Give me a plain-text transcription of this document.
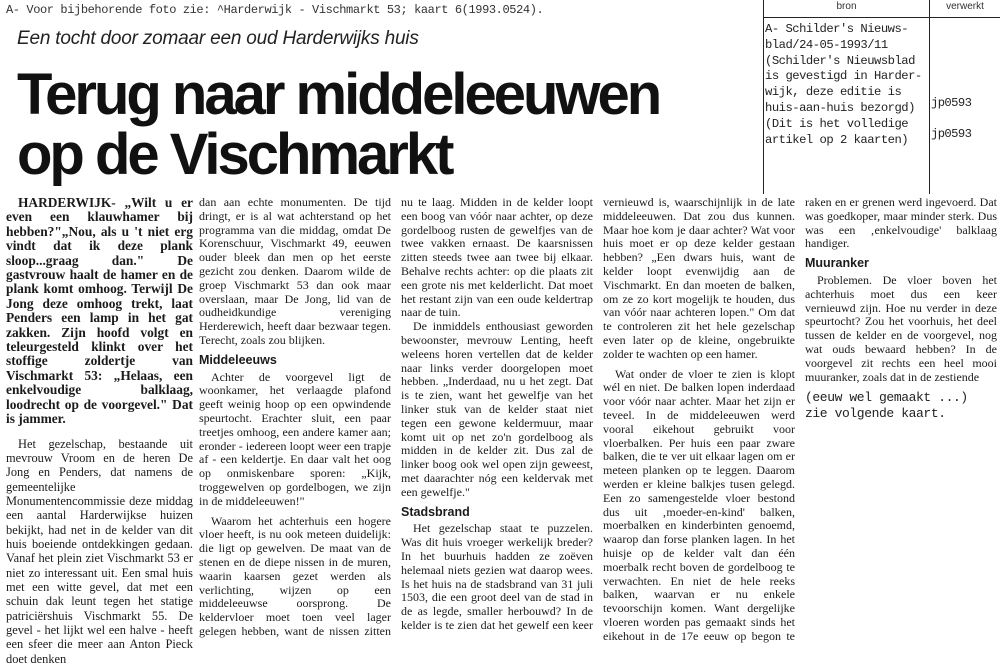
bron	verwerkt
A- Schilder's Nieuws-
blad/24-05-1993/11
(Schilder's Nieuwsblad
is gevestigd in Harder-
wijk, deze editie is
huis-aan-huis bezorgd)
(Dit is het volledige
artikel op 2 kaarten)
jp0593
jp0593
A- Voor bijbehorende foto zie: ^Harderwijk - Vischmarkt 53; kaart 6(1993.0524).
Een tocht door zomaar een oud Harderwijks huis
Terug naar middeleeuwen
op de Vischmarkt

HARDERWIJK- „Wilt u er even een klauwhamer bij hebben?"„Nou, als u 't niet erg vindt dat ik deze plank sloop...graag dan." De gastvrouw haalt de hamer en de plank komt omhoog. Terwijl De Jong deze omhoog trekt, laat Penders een lamp in het gat zakken. Zijn hoofd volgt en teleurgesteld klinkt over het stoffige zoldertje van Vischmarkt 53: „Helaas, een enkelvoudige balklaag, loodrecht op de voorgevel." Dat is jammer.

Het gezelschap, bestaande uit mevrouw Vroom en de heren De Jong en Penders, dat namens de gemeentelijke Monumentencommissie deze middag een aantal Harderwijkse huizen bekijkt, had net in de kelder van dit huis boeiende ontdekkingen gedaan. Vanaf het plein ziet Vischmarkt 53 er niet zo interessant uit. Een smal huis met een witte gevel, dat met een schuin dak leunt tegen het statige patriciërshuis Vischmarkt 55. De gevel - het lijkt wel een halve - heeft een sfeer die meer aan Anton Pieck doet denken

dan aan echte monumenten. De tijd dringt, er is al wat achterstand op het programma van die middag, omdat De Korenschuur, Vischmarkt 49, eeuwen ouder bleek dan men op het eerste gezicht zou denken. Daarom wilde de groep Vischmarkt 53 dan ook maar overslaan, maar De Jong, lid van de oudheidkundige vereniging Herderewich, heeft daar bezwaar tegen. Terecht, zoals zou blijken.

Middeleeuws

Achter de voorgevel ligt de woonkamer, het verlaagde plafond geeft weinig hoop op een opwindende speurtocht. Erachter sluit, een paar treetjes omhoog, een andere kamer aan; eronder - iedereen loopt weer een trapje af - een keldertje. En daar valt het oog op onmiskenbare sporen: „Kijk, troggewelven op gordelbogen, we zijn in de middeleeuwen!"

Waarom het achterhuis een hogere vloer heeft, is nu ook meteen duidelijk: die ligt op gewelven. De maat van de stenen en de diepe nissen in de muren, waarin kaarsen gezet werden als verlichting, wijzen op een middeleeuwse oorsprong. De keldervloer moet toen veel lager gelegen hebben, want de nissen zitten nu te laag. Midden in de kelder loopt een boog van vóór naar achter, op deze gordelboog rusten de gewelfjes van de twee vakken ernaast. De kaarsnissen zitten steeds twee aan twee bij elkaar. Behalve rechts achter: op die plaats zit een grote nis met kelderlicht. Dat moet het restant zijn van een oude keldertrap naar de tuin.

De inmiddels enthousiast geworden bewoonster, mevrouw Lenting, heeft weleens horen vertellen dat de kelder naar links verder doorgelopen moet hebben. „Inderdaad, nu u het zegt. Dat is te zien, want het gewelfje van het linker stuk van de kelder staat niet tegen een gewone keldermuur, maar komt uit op net zo'n gordelboog als midden in de kelder zit. Dus zal de linker boog ook wel open zijn geweest, met daarachter nóg een keldervak met een gewelfje."

Stadsbrand

Het gezelschap staat te puzzelen. Was dit huis vroeger werkelijk breder? In het buurhuis hadden ze zoëven helemaal niets gezien wat daarop wees. Is het huis na de stadsbrand van 31 juli 1503, die een groot deel van de stad in de as legde, smaller herbouwd? In de kelder is te zien dat het gewelf een keer vernieuwd is, waarschijnlijk in de late middeleeuwen. Dat zou dus kunnen. Maar hoe kom je daar achter? Wat voor huis moet er op deze kelder gestaan hebben? „Een dwars huis, want de kelder loopt evenwijdig aan de Vischmarkt. En dan moeten de balken, om ze zo kort mogelijk te houden, dus van vóór naar achteren lopen." Om dat te controleren zit het hele gezelschap even later op de kleine, ongebruikte zolder te wachten op een hamer.

Wat onder de vloer te zien is klopt wél en niet. De balken lopen inderdaad voor vóór naar achter. Maar het zijn er teveel. In de middeleeuwen werd vooral eikehout gebruikt voor vloerbalken. Per huis een paar zware balken, die te ver uit elkaar lagen om er meteen planken op te leggen. Daarom werden er kleine balkjes tusen gelegd. Een zo samengestelde vloer bestond dus uit ‚moeder-en-kind' balken, moerbalken en kinderbinten genoemd, waarop dan forse planken lagen. In het huisje op de kelder valt dan één moerbalk recht boven de gordelboog te verwachten. En niet de hele reeks balken, waarvan er nu enkele tevoorschijn komen. Want dergelijke vloeren worden pas gemaakt sinds het eikehout in de 17e eeuw op begon te raken en er grenen werd ingevoerd. Dat was goedkoper, maar minder sterk. Dus was een ‚enkelvoudige' balklaag handiger.

Muuranker

Problemen. De vloer boven het achterhuis moet dus een keer vernieuwd zijn. Hoe nu verder in deze speurtocht? Zou het voorhuis, het deel tussen de kelder en de voorgevel, nog wat ouds bewaard hebben? In de voorgevel zit rechts een heel mooi muuranker, zoals dat in de zestiende

(eeuw wel gemaakt ...)
zie volgende kaart.
